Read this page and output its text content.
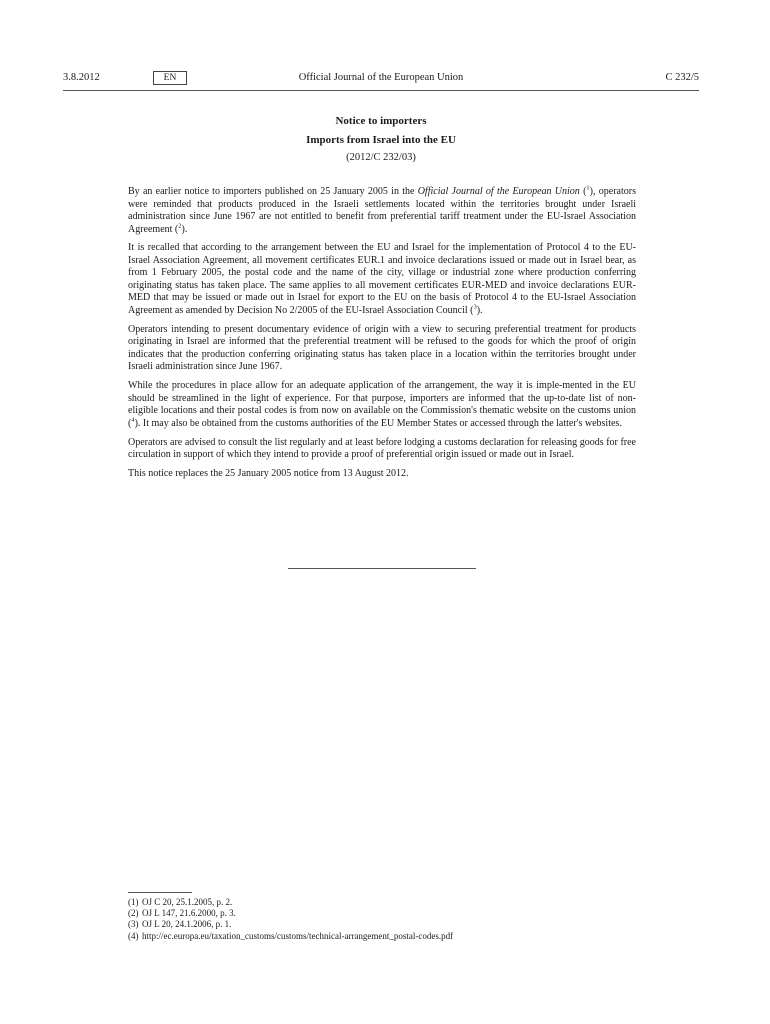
Official Journal of the European Union
3.8.2012	EN	C 232/5
Notice to importers
Imports from Israel into the EU
(2012/C 232/03)

By an earlier notice to importers published on 25 January 2005 in the Official Journal of the European Union ($^1$), operators were reminded that products produced in the Israeli settlements located within the territories brought under Israeli administration since June 1967 are not entitled to benefit from preferential tariff treatment under the EU-Israel Association Agreement ($^2$).

It is recalled that according to the arrangement between the EU and Israel for the implementation of Protocol 4 to the EU-Israel Association Agreement, all movement certificates EUR.1 and invoice declarations issued or made out in Israel bear, as from 1 February 2005, the postal code and the name of the city, village or industrial zone where production conferring originating status has taken place. The same applies to all movement certificates EUR-MED and invoice declarations EUR-MED that may be issued or made out in Israel for export to the EU on the basis of Protocol 4 to the EU-Israel Association Agreement as amended by Decision No 2/2005 of the EU-Israel Association Council ($^3$).

Operators intending to present documentary evidence of origin with a view to securing preferential treatment for products originating in Israel are informed that the preferential treatment will be refused to the goods for which the proof of origin indicates that the production conferring originating status has taken place in a location within the territories brought under Israeli administration since June 1967.

While the procedures in place allow for an adequate application of the arrangement, the way it is imple-mented in the EU should be streamlined in the light of experience. For that purpose, importers are informed that the up-to-date list of non-eligible locations and their postal codes is from now on available on the Commission's thematic website on the customs union ($^4$). It may also be obtained from the customs authorities of the EU Member States or accessed through the latter's websites.

Operators are advised to consult the list regularly and at least before lodging a customs declaration for releasing goods for free circulation in support of which they intend to provide a proof of preferential origin issued or made out in Israel.

This notice replaces the 25 January 2005 notice from 13 August 2012.

(1) OJ C 20, 25.1.2005, p. 2.
(2) OJ L 147, 21.6.2000, p. 3.
(3) OJ L 20, 24.1.2006, p. 1.
(4) http://ec.europa.eu/taxation_customs/customs/technical-arrangement_postal-codes.pdf
